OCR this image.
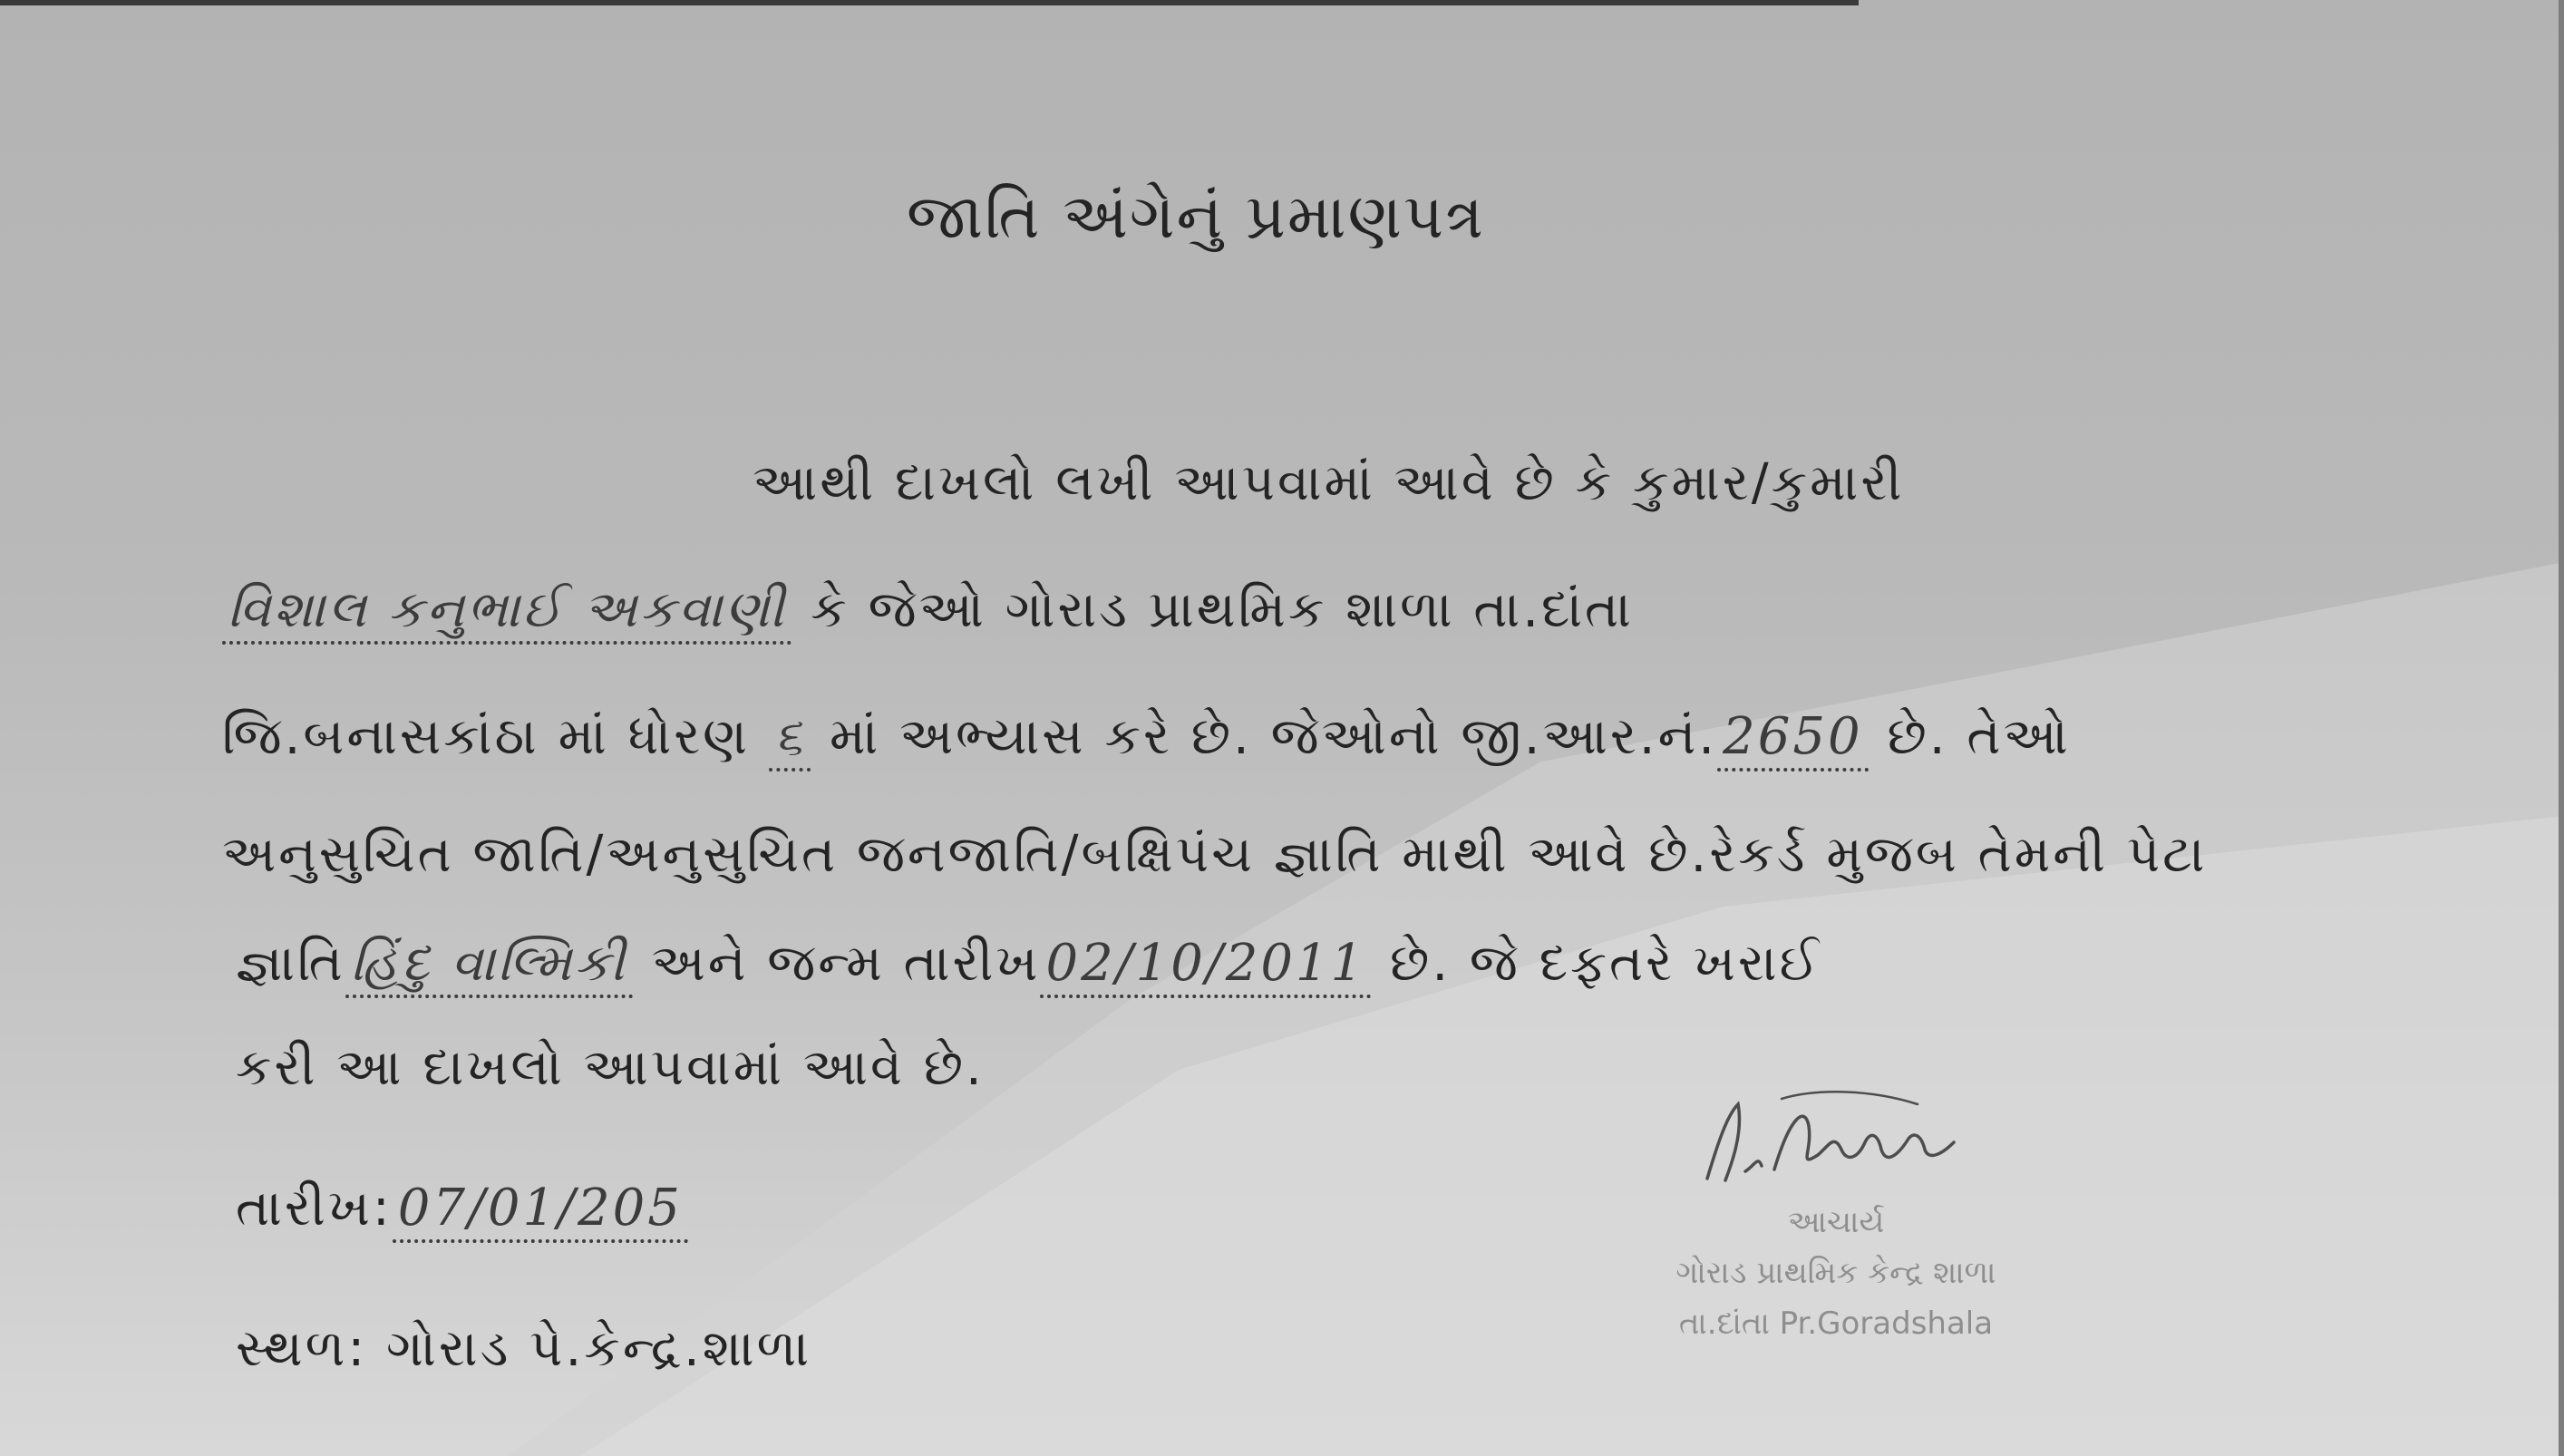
જાતિ અંગેનું પ્રમાણપત્ર
આથી દાખલો લખી આપવામાં આવે છે કે કુમાર/કુમારી
વિશાલ કનુભાઈ અકવાણી કે જેઓ ગોરાડ પ્રાથમિક શાળા તા.દાંતા
જિ.બનાસકાંઠા માં ધોરણ ૬ માં અભ્યાસ કરે છે. જેઓનો જી.આર.નં. 2650 છે. તેઓ
અનુસુચિત જાતિ/અનુસુચિત જનજાતિ/બક્ષિપંચ જ્ઞાતિ માથી આવે છે.રેકર્ડ મુજબ તેમની પેટા
જ્ઞાતિ હિંદુ વાલ્મિકી અને જન્મ તારીખ 02/10/2011 છે. જે દફતરે ખરાઈ
કરી આ દાખલો આપવામાં આવે છે.
તારીખ: 07/01/205
સ્થળ: ગોરાડ પે.કેન્દ્ર.શાળા
આચાર્ય
ગોરાડ પ્રાથમિક કેન્દ્ર શાળા
તા.દાંતા Pr.Goradshala
